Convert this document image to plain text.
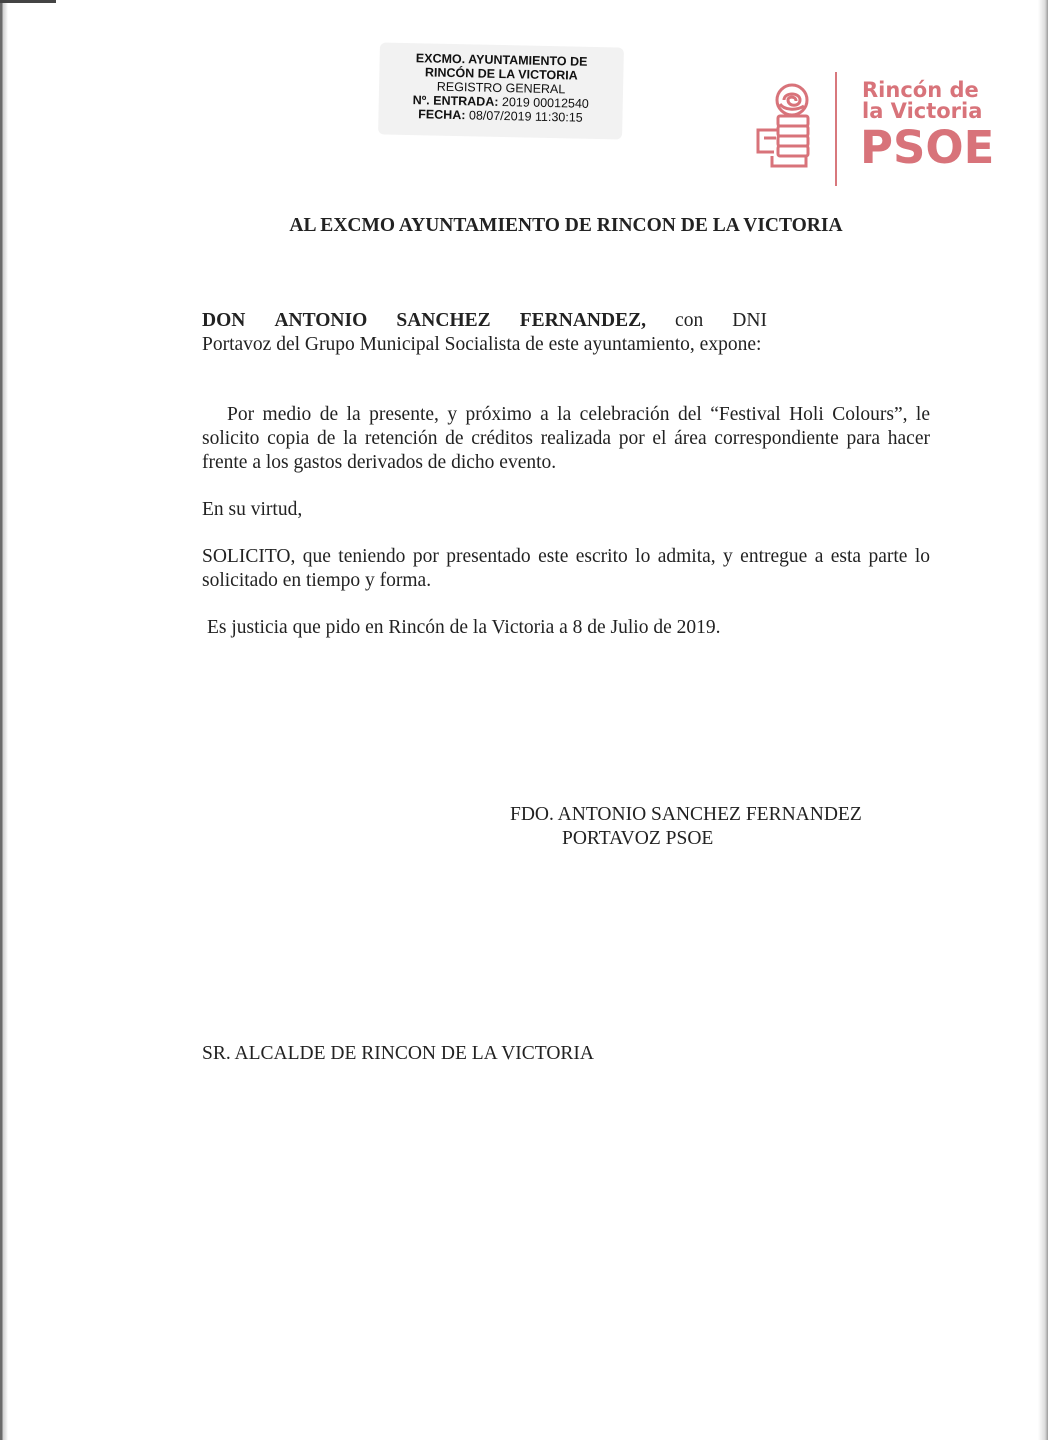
EXCMO. AYUNTAMIENTO DE
RINCÓN DE LA VICTORIA
REGISTRO GENERAL
Nº. ENTRADA: 2019 00012540
FECHA: 08/07/2019 11:30:15
Rincón de
la Victoria
PSOE
AL EXCMO AYUNTAMIENTO DE RINCON DE LA VICTORIA
DON ANTONIO SANCHEZ FERNANDEZ, con DNI
Portavoz del Grupo Municipal Socialista de este ayuntamiento, expone:
Por medio de la presente, y próximo a la celebración del “Festival Holi Colours”, le solicito copia de la retención de créditos realizada por el área correspondiente para hacer frente a los gastos derivados de dicho evento.
En su virtud,
SOLICITO, que teniendo por presentado este escrito lo admita, y entregue a esta parte lo solicitado en tiempo y forma.
Es justicia que pido en Rincón de la Victoria a 8 de Julio de 2019.
FDO. ANTONIO SANCHEZ FERNANDEZ
PORTAVOZ PSOE
SR. ALCALDE DE RINCON DE LA VICTORIA
